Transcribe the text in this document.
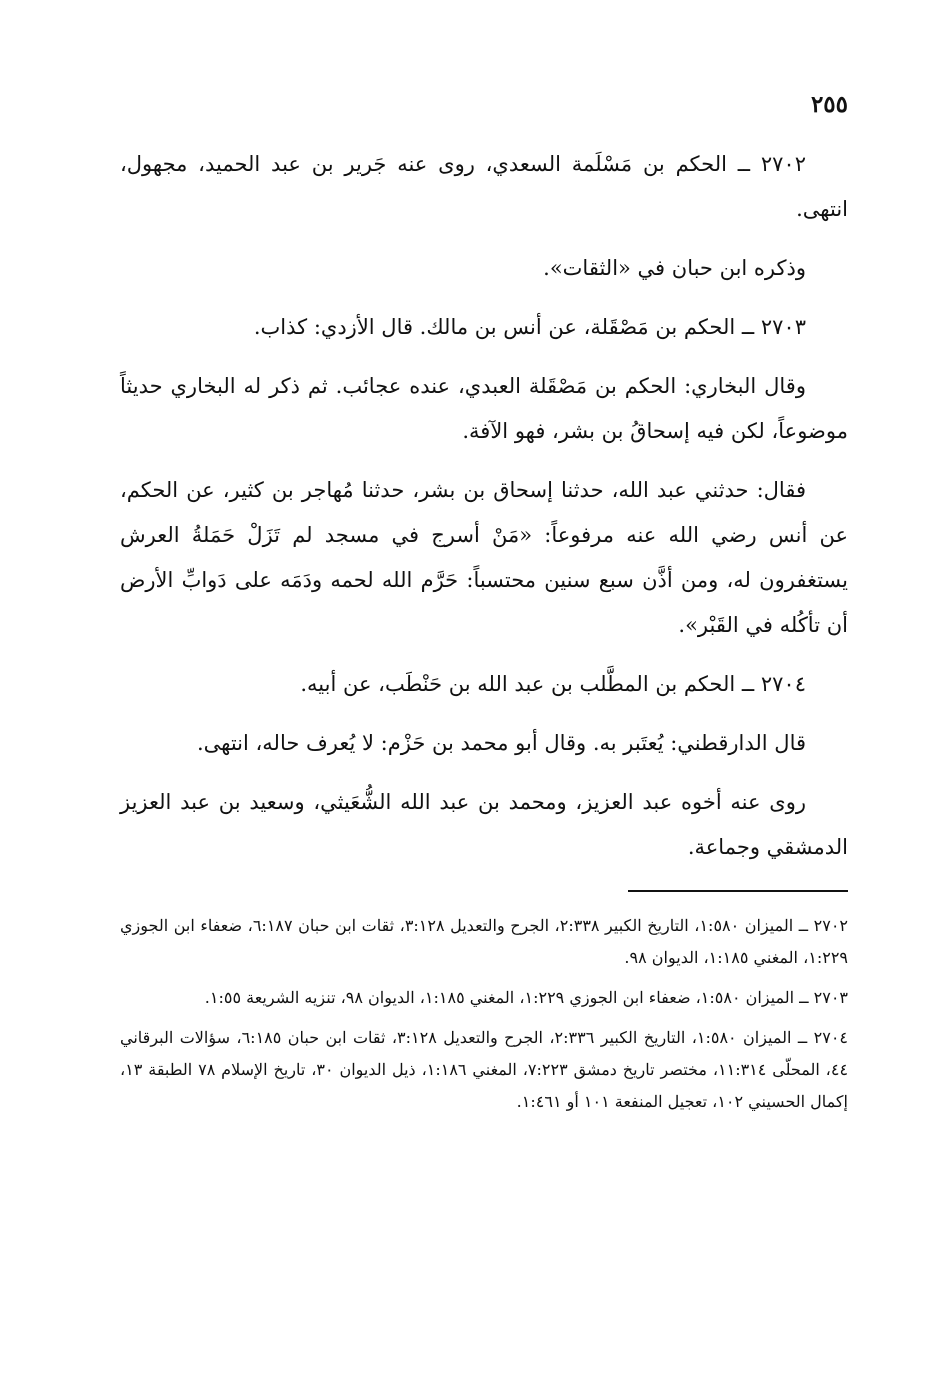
٢٥٥

٢٧٠٢ ــ الحكم بن مَسْلَمة السعدي، روى عنه جَرير بن عبد الحميد، مجهول، انتهى.

وذكره ابن حبان في «الثقات».

٢٧٠٣ ــ الحكم بن مَصْقَلة، عن أنس بن مالك. قال الأزدي: كذاب.

وقال البخاري: الحكم بن مَصْقَلة العبدي، عنده عجائب. ثم ذكر له البخاري حديثاً موضوعاً، لكن فيه إسحاقُ بن بشر، فهو الآفة.

فقال: حدثني عبد الله، حدثنا إسحاق بن بشر، حدثنا مُهاجر بن كثير، عن الحكم، عن أنس رضي الله عنه مرفوعاً: «مَنْ أسرج في مسجد لم تَزَلْ حَمَلةُ العرش يستغفرون له، ومن أذَّن سبع سنين محتسباً: حَرَّم الله لحمه ودَمَه على دَوابِّ الأرض أن تأكُله في القَبْر».

٢٧٠٤ ــ الحكم بن المطَّلب بن عبد الله بن حَنْطَب، عن أبيه.

قال الدارقطني: يُعتَبر به. وقال أبو محمد بن حَزْم: لا يُعرف حاله، انتهى.

روى عنه أخوه عبد العزيز، ومحمد بن عبد الله الشُّعَيثي، وسعيد بن عبد العزيز الدمشقي وجماعة.

٢٧٠٢ ــ الميزان ١:٥٨٠، التاريخ الكبير ٢:٣٣٨، الجرح والتعديل ٣:١٢٨، ثقات ابن حبان ٦:١٨٧، ضعفاء ابن الجوزي ١:٢٢٩، المغني ١:١٨٥، الديوان ٩٨.

٢٧٠٣ ــ الميزان ١:٥٨٠، ضعفاء ابن الجوزي ١:٢٢٩، المغني ١:١٨٥، الديوان ٩٨، تنزيه الشريعة ١:٥٥.

٢٧٠٤ ــ الميزان ١:٥٨٠، التاريخ الكبير ٢:٣٣٦، الجرح والتعديل ٣:١٢٨، ثقات ابن حبان ٦:١٨٥، سؤالات البرقاني ٤٤، المحلّى ١١:٣١٤، مختصر تاريخ دمشق ٧:٢٢٣، المغني ١:١٨٦، ذيل الديوان ٣٠، تاريخ الإسلام ٧٨ الطبقة ١٣، إكمال الحسيني ١٠٢، تعجيل المنفعة ١٠١ أو ١:٤٦١.
